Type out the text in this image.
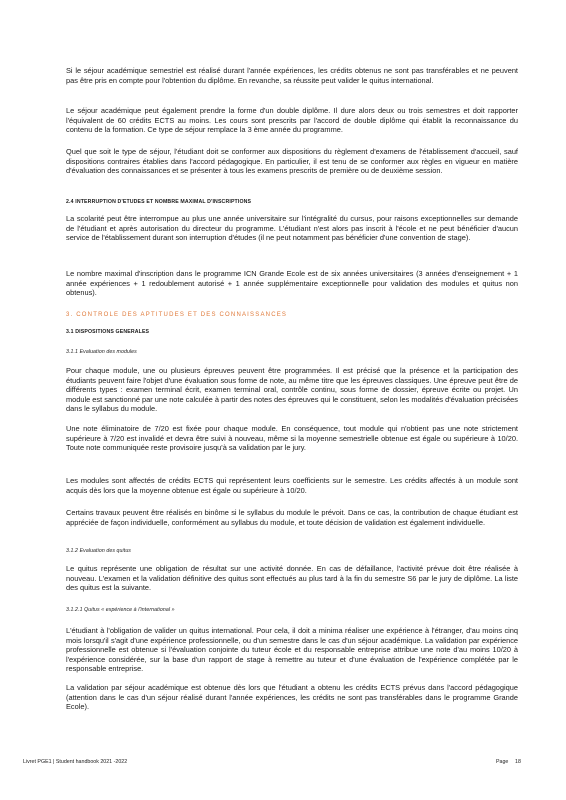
Si le séjour académique semestriel est réalisé durant l'année expériences, les crédits obtenus ne sont pas transférables et ne peuvent pas être pris en compte pour l'obtention du diplôme. En revanche, sa réussite peut valider le quitus international.

Le séjour académique peut également prendre la forme d'un double diplôme. Il dure alors deux ou trois semestres et doit rapporter l'équivalent de 60 crédits ECTS au moins. Les cours sont prescrits par l'accord de double diplôme qui établit la reconnaissance du contenu de la formation. Ce type de séjour remplace la 3 ème année du programme.

Quel que soit le type de séjour, l'étudiant doit se conformer aux dispositions du règlement d'examens de l'établissement d'accueil, sauf dispositions contraires établies dans l'accord pédagogique. En particulier, il est tenu de se conformer aux règles en vigueur en matière d'évaluation des connaissances et se présenter à tous les examens prescrits de première ou de deuxième session.

2.4 INTERRUPTION D'ETUDES ET NOMBRE MAXIMAL D'INSCRIPTIONS

La scolarité peut être interrompue au plus une année universitaire sur l'intégralité du cursus, pour raisons exceptionnelles sur demande de l'étudiant et après autorisation du directeur du programme. L'étudiant n'est alors pas inscrit à l'école et ne peut bénéficier d'aucun service de l'établissement durant son interruption d'études (il ne peut notamment pas bénéficier d'une convention de stage).

Le nombre maximal d'inscription dans le programme ICN Grande Ecole est de six années universitaires (3 années d'enseignement + 1 année expériences + 1 redoublement autorisé + 1 année supplémentaire exceptionnelle pour validation des modules et quitus non obtenus).

3. CONTROLE DES APTITUDES ET DES CONNAISSANCES
3.1 DISPOSITIONS GENERALES
3.1.1 Evaluation des modules

Pour chaque module, une ou plusieurs épreuves peuvent être programmées. Il est précisé que la présence et la participation des étudiants peuvent faire l'objet d'une évaluation sous forme de note, au même titre que les épreuves classiques. Une épreuve peut être de différents types : examen terminal écrit, examen terminal oral, contrôle continu, sous forme de dossier, épreuve écrite ou projet. Un module est sanctionné par une note calculée à partir des notes des épreuves qui le constituent, selon les modalités d'évaluation précisées dans le syllabus du module.

Une note éliminatoire de 7/20 est fixée pour chaque module. En conséquence, tout module qui n'obtient pas une note strictement supérieure à 7/20 est invalidé et devra être suivi à nouveau, même si la moyenne semestrielle obtenue est égale ou supérieure à 10/20. Toute note communiquée reste provisoire jusqu'à sa validation par le jury.

Les modules sont affectés de crédits ECTS qui représentent leurs coefficients sur le semestre. Les crédits affectés à un module sont acquis dès lors que la moyenne obtenue est égale ou supérieure à 10/20.

Certains travaux peuvent être réalisés en binôme si le syllabus du module le prévoit. Dans ce cas, la contribution de chaque étudiant est appréciée de façon individuelle, conformément au syllabus du module, et toute décision de validation est également individuelle.

3.1.2 Evaluation des quitus

Le quitus représente une obligation de résultat sur une activité donnée. En cas de défaillance, l'activité prévue doit être réalisée à nouveau. L'examen et la validation définitive des quitus sont effectués au plus tard à la fin du semestre S6 par le jury de diplôme. La liste des quitus est la suivante.

3.1.2.1 Quitus « expérience à l'international »

L'étudiant à l'obligation de valider un quitus international. Pour cela, il doit a minima réaliser une expérience à l'étranger, d'au moins cinq mois lorsqu'il s'agit d'une expérience professionnelle, ou d'un semestre dans le cas d'un séjour académique. La validation par expérience professionnelle est obtenue si l'évaluation conjointe du tuteur école et du responsable entreprise attribue une note d'au moins 10/20 à l'expérience considérée, sur la base d'un rapport de stage à remettre au tuteur et d'une évaluation de l'expérience complétée par le responsable entreprise.

La validation par séjour académique est obtenue dès lors que l'étudiant a obtenu les crédits ECTS prévus dans l'accord pédagogique (attention dans le cas d'un séjour réalisé durant l'année expériences, les crédits ne sont pas transférables dans le programme Grande Ecole).

Livret PGE1 | Student handbook 2021 -2022	Page 18
